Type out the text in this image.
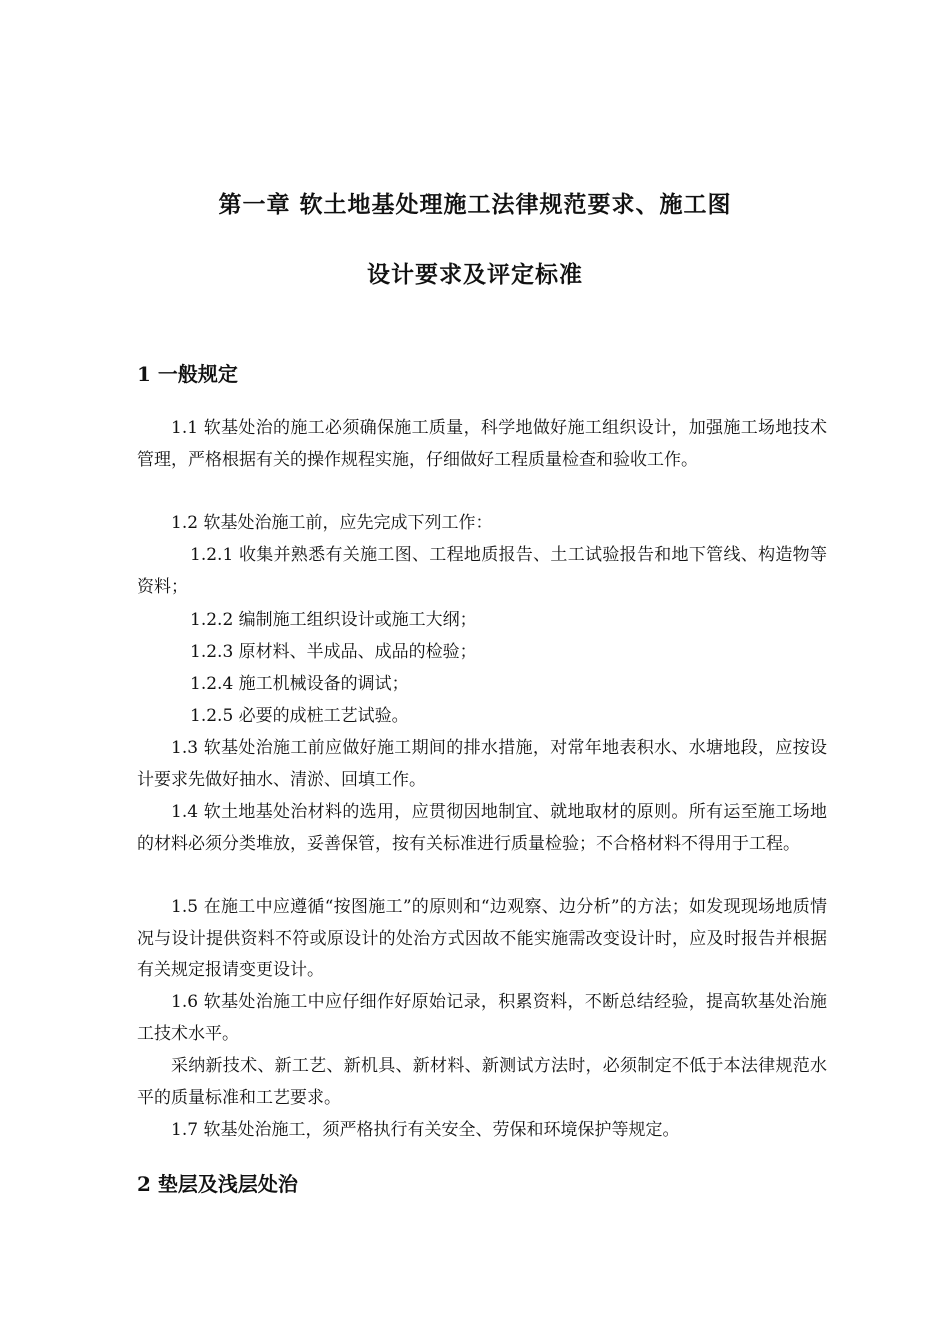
第一章 软土地基处理施工法律规范要求、施工图
设计要求及评定标准
1 一般规定

1.1 软基处治的施工必须确保施工质量，科学地做好施工组织设计，加强施工场地技术管理，严格根据有关的操作规程实施，仔细做好工程质量检查和验收工作。

1.2 软基处治施工前，应先完成下列工作：

1.2.1 收集并熟悉有关施工图、工程地质报告、土工试验报告和地下管线、构造物等资料；

1.2.2 编制施工组织设计或施工大纲；

1.2.3 原材料、半成品、成品的检验；

1.2.4 施工机械设备的调试；

1.2.5 必要的成桩工艺试验。

1.3 软基处治施工前应做好施工期间的排水措施，对常年地表积水、水塘地段，应按设计要求先做好抽水、清淤、回填工作。

1.4 软土地基处治材料的选用，应贯彻因地制宜、就地取材的原则。所有运至施工场地的材料必须分类堆放，妥善保管，按有关标准进行质量检验；不合格材料不得用于工程。

1.5 在施工中应遵循“按图施工”的原则和“边观察、边分析”的方法；如发现现场地质情况与设计提供资料不符或原设计的处治方式因故不能实施需改变设计时，应及时报告并根据有关规定报请变更设计。

1.6 软基处治施工中应仔细作好原始记录，积累资料，不断总结经验，提高软基处治施工技术水平。

采纳新技术、新工艺、新机具、新材料、新测试方法时，必须制定不低于本法律规范水平的质量标准和工艺要求。

1.7 软基处治施工，须严格执行有关安全、劳保和环境保护等规定。

2 垫层及浅层处治
